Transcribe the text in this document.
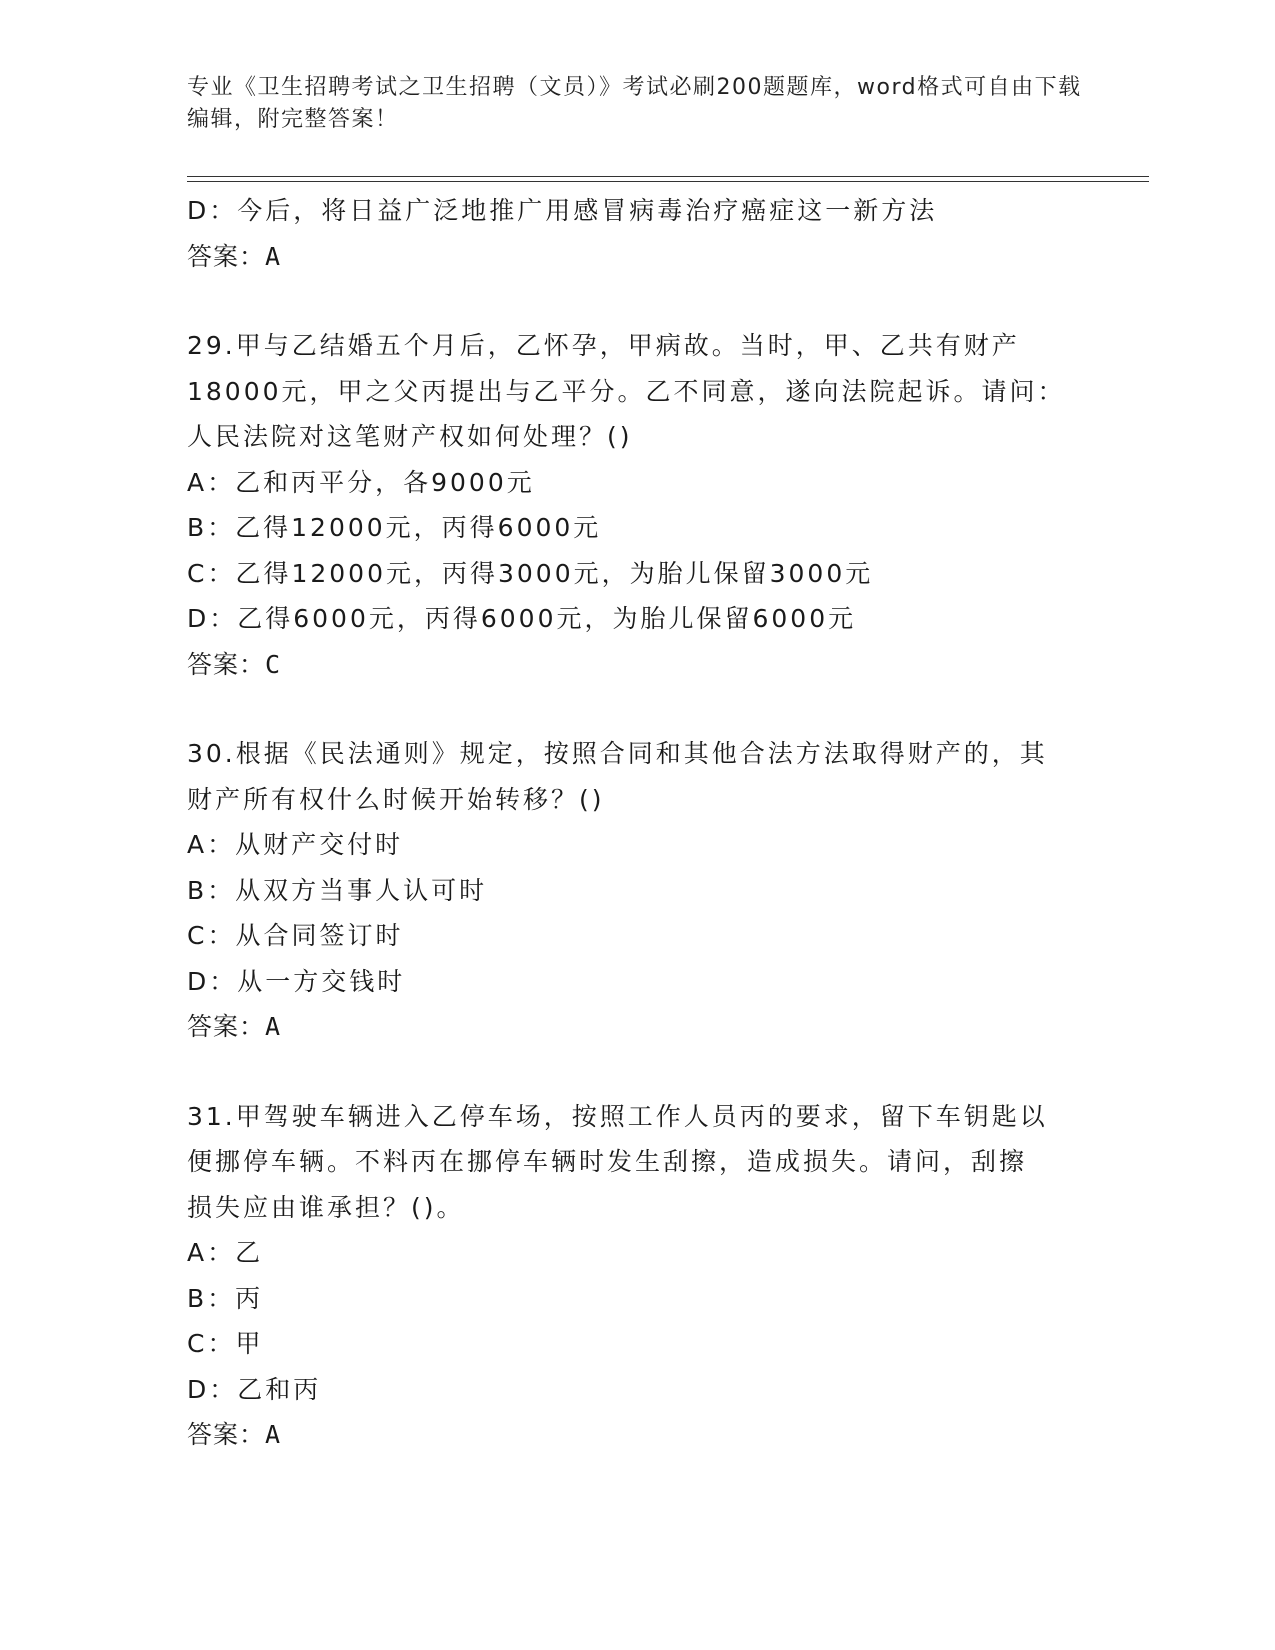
专业《卫生招聘考试之卫生招聘（文员）》考试必刷200题题库，word格式可自由下载编辑，附完整答案！
D：今后，将日益广泛地推广用感冒病毒治疗癌症这一新方法
答案：A
29.甲与乙结婚五个月后，乙怀孕，甲病故。当时，甲、乙共有财产
18000元，甲之父丙提出与乙平分。乙不同意，遂向法院起诉。请问：
人民法院对这笔财产权如何处理？()
A：乙和丙平分，各9000元
B：乙得12000元，丙得6000元
C：乙得12000元，丙得3000元，为胎儿保留3000元
D：乙得6000元，丙得6000元，为胎儿保留6000元
答案：C
30.根据《民法通则》规定，按照合同和其他合法方法取得财产的，其
财产所有权什么时候开始转移？()
A：从财产交付时
B：从双方当事人认可时
C：从合同签订时
D：从一方交钱时
答案：A
31.甲驾驶车辆进入乙停车场，按照工作人员丙的要求，留下车钥匙以
便挪停车辆。不料丙在挪停车辆时发生刮擦，造成损失。请问，刮擦
损失应由谁承担？()。
A：乙
B：丙
C：甲
D：乙和丙
答案：A
